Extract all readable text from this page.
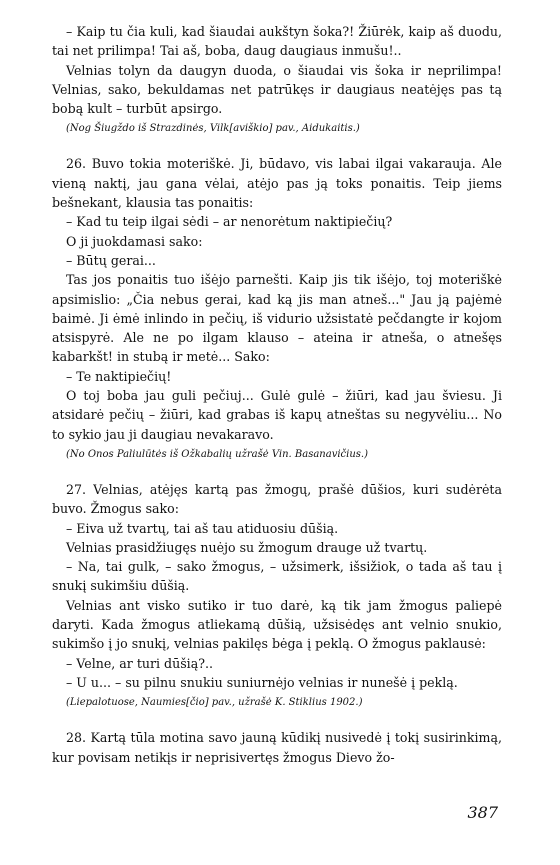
– Kaip tu čia kuli, kad šiaudai aukštyn šoka?! Žiūrėk, kaip aš duodu, tai net prilimpa! Tai aš, boba, daug daugiaus inmušu!..

Velnias tolyn da daugyn duoda, o šiaudai vis šoka ir neprilimpa! Velnias, sako, bekuldamas net patrūkęs ir daugiaus neatėjęs pas tą bobą kult – turbūt apsirgo.

(Nog Šiugždo iš Strazdinės, Vilk[aviškio] pav., Aidukaitis.)

26. Buvo tokia moteriškė. Ji, būdavo, vis labai ilgai vakarauja. Ale vieną naktį, jau gana vėlai, atėjo pas ją toks ponaitis. Teip jiems bešnekant, klausia tas ponaitis:

– Kad tu teip ilgai sėdi – ar nenorėtum naktipiečių?

O ji juokdamasi sako:

– Būtų gerai...

Tas jos ponaitis tuo išėjo parnešti. Kaip jis tik išėjo, toj moteriškė apsimislio: „Čia nebus gerai, kad ką jis man atneš..." Jau ją pajėmė baimė. Ji ėmė inlindo in pečių, iš vidurio užsistatė pečdangte ir kojom atsispyrė. Ale ne po ilgam klauso – ateina ir atneša, o atnešęs kabarkšt! in stubą ir metė... Sako:

– Te naktipiečių!

O toj boba jau guli pečiuj... Gulė gulė – žiūri, kad jau šviesu. Ji atsidarė pečių – žiūri, kad grabas iš kapų atneštas su negyvėliu... No to sykio jau ji daugiau nevakaravo.

(No Onos Paliulūtės iš Ožkabalių užrašė Vin. Basanavičius.)

27. Velnias, atėjęs kartą pas žmogų, prašė dūšios, kuri sudėrėta buvo. Žmogus sako:

– Eiva už tvartų, tai aš tau atiduosiu dūšią.

Velnias prasidžiugęs nuėjo su žmogum drauge už tvartų.

– Na, tai gulk, – sako žmogus, – užsimerk, išsižiok, o tada aš tau į snukį sukimšiu dūšią.

Velnias ant visko sutiko ir tuo darė, ką tik jam žmogus paliepė daryti. Kada žmogus atliekamą dūšią, užsisėdęs ant velnio snukio, sukimšo į jo snukį, velnias pakilęs bėga į peklą. O žmogus paklausė:

– Velne, ar turi dūšią?..

– U u... – su pilnu snukiu suniurnėjo velnias ir nunešė į peklą.

(Liepalotuose, Naumies[čio] pav., užrašė K. Stiklius 1902.)

28. Kartą tūla motina savo jauną kūdikį nusivedė į tokį susirinkimą, kur povisam netikįs ir neprisivertęs žmogus Dievo žo-

387
